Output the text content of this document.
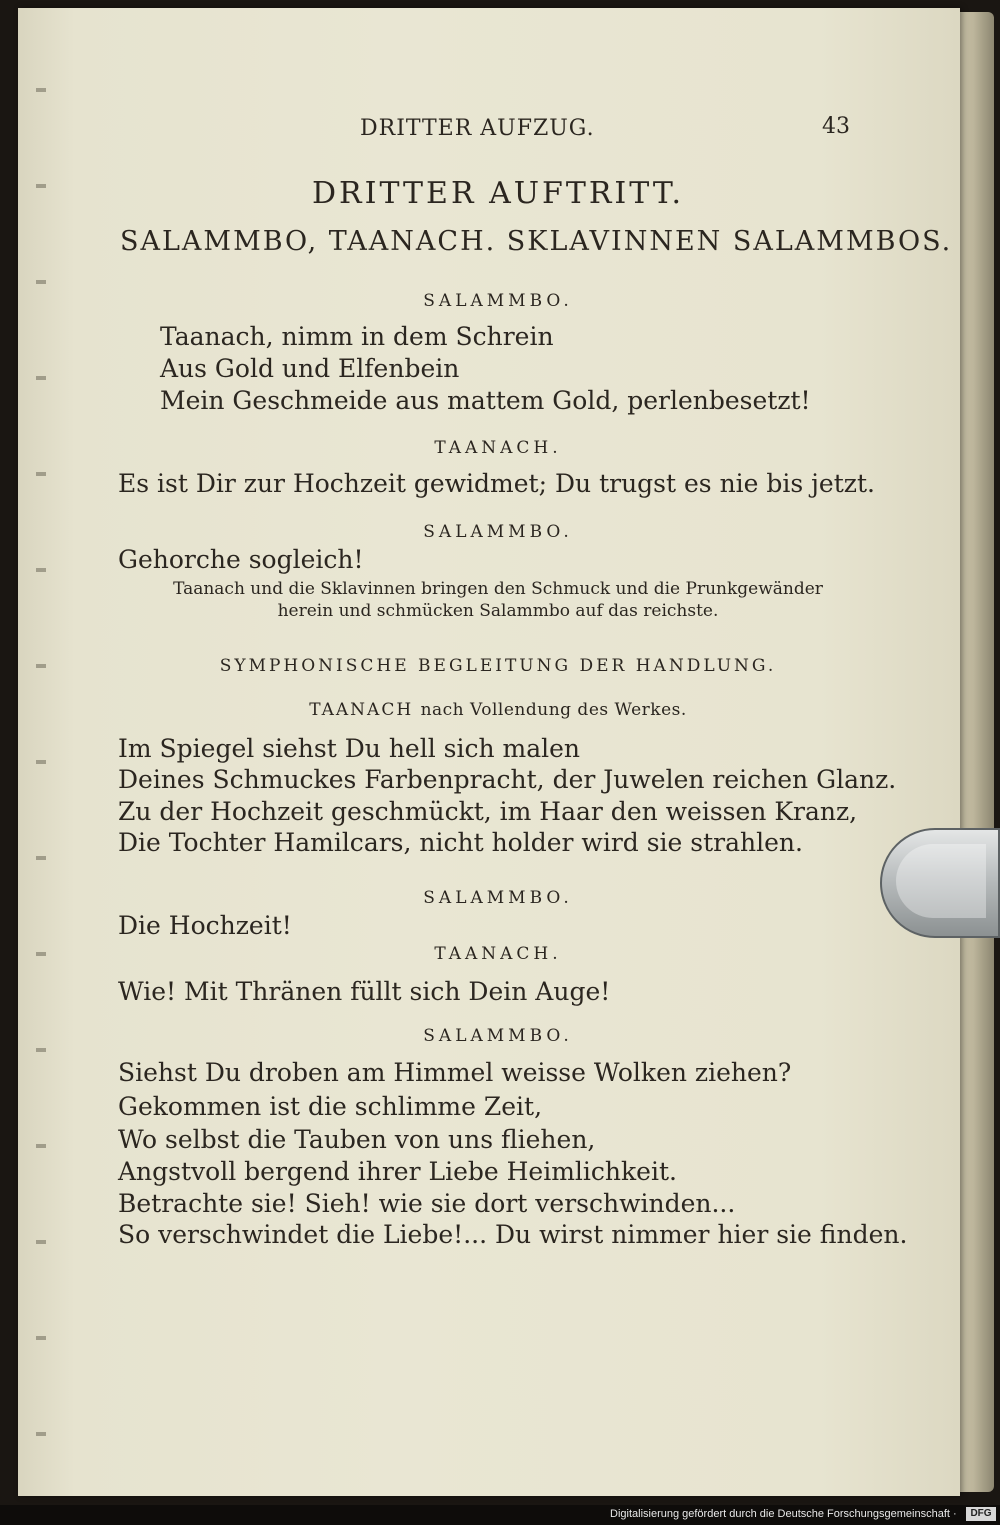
DRITTER AUFZUG.	43
DRITTER AUFTRITT.
SALAMMBO, TAANACH. SKLAVINNEN SALAMMBOS.
SALAMMBO.
Taanach, nimm in dem Schrein
Aus Gold und Elfenbein
Mein Geschmeide aus mattem Gold, perlenbesetzt!
TAANACH.
Es ist Dir zur Hochzeit gewidmet; Du trugst es nie bis jetzt.
SALAMMBO.
Gehorche sogleich!
Taanach und die Sklavinnen bringen den Schmuck und die Prunkgewänder
herein und schmücken Salammbo auf das reichste.
SYMPHONISCHE BEGLEITUNG DER HANDLUNG.
TAANACH nach Vollendung des Werkes.
Im Spiegel siehst Du hell sich malen
Deines Schmuckes Farbenpracht, der Juwelen reichen Glanz.
Zu der Hochzeit geschmückt, im Haar den weissen Kranz,
Die Tochter Hamilcars, nicht holder wird sie strahlen.
SALAMMBO.
Die Hochzeit!
TAANACH.
Wie! Mit Thränen füllt sich Dein Auge!
SALAMMBO.
Siehst Du droben am Himmel weisse Wolken ziehen?
Gekommen ist die schlimme Zeit,
Wo selbst die Tauben von uns fliehen,
Angstvoll bergend ihrer Liebe Heimlichkeit.
Betrachte sie! Sieh! wie sie dort verschwinden...
So verschwindet die Liebe!... Du wirst nimmer hier sie finden.
Digitalisierung gefördert durch die Deutsche Forschungsgemeinschaft ·	DFG
